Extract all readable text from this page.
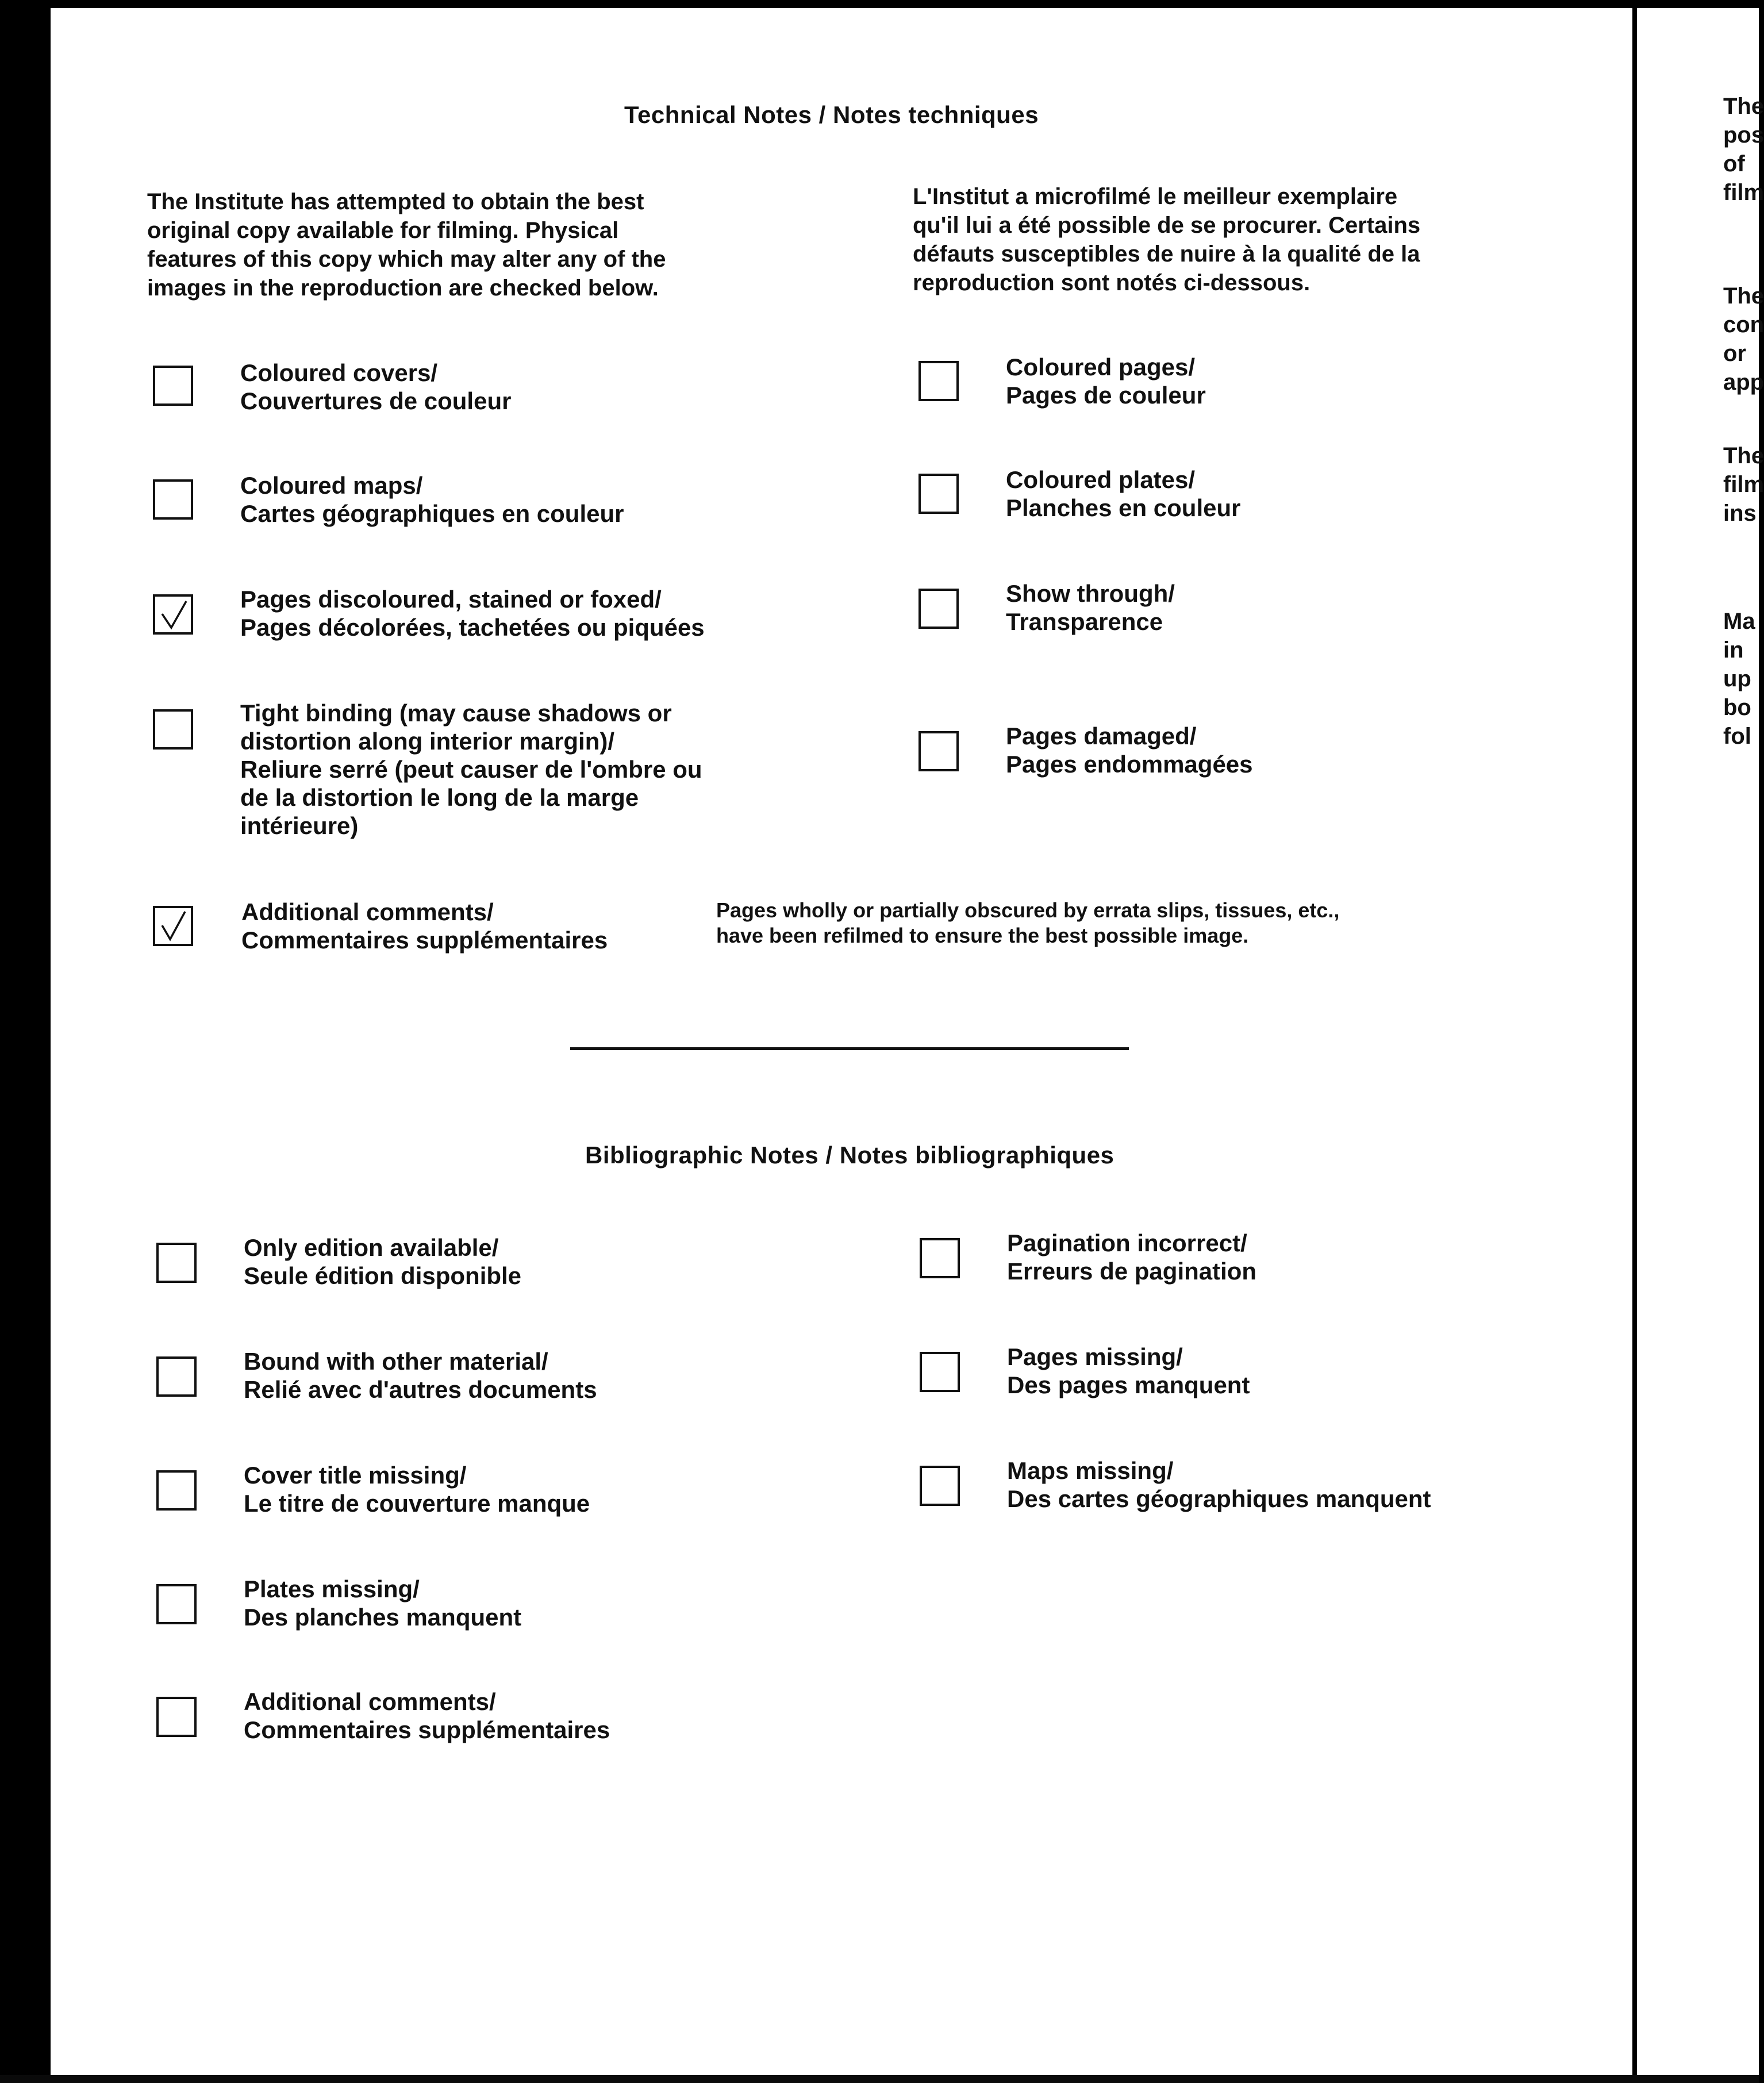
Technical Notes / Notes techniques
The Institute has attempted to obtain the best
original copy available for filming. Physical
features of this copy which may alter any of the
images in the reproduction are checked below.
L'Institut a microfilmé le meilleur exemplaire
qu'il lui a été possible de se procurer. Certains
défauts susceptibles de nuire à la qualité de la
reproduction sont notés ci-dessous.
Coloured covers/
Couvertures de couleur
Coloured maps/
Cartes géographiques en couleur
Pages discoloured, stained or foxed/
Pages décolorées, tachetées ou piquées
Tight binding (may cause shadows or
distortion along interior margin)/
Reliure serré (peut causer de l'ombre ou
de la distortion le long de la marge
intérieure)
Coloured pages/
Pages de couleur
Coloured plates/
Planches en couleur
Show through/
Transparence
Pages damaged/
Pages endommagées
Additional comments/
Commentaires supplémentaires
Pages wholly or partially obscured by errata slips, tissues, etc.,
have been refilmed to ensure the best possible image.
Bibliographic Notes / Notes bibliographiques
Only edition available/
Seule édition disponible
Bound with other material/
Relié avec d'autres documents
Cover title missing/
Le titre de couverture manque
Plates missing/
Des planches manquent
Additional comments/
Commentaires supplémentaires
Pagination incorrect/
Erreurs de pagination
Pages missing/
Des pages manquent
Maps missing/
Des cartes géographiques manquent
The
pos
of
film
The
con
or
app
The
film
ins
Ma
in
up
bo
fol
